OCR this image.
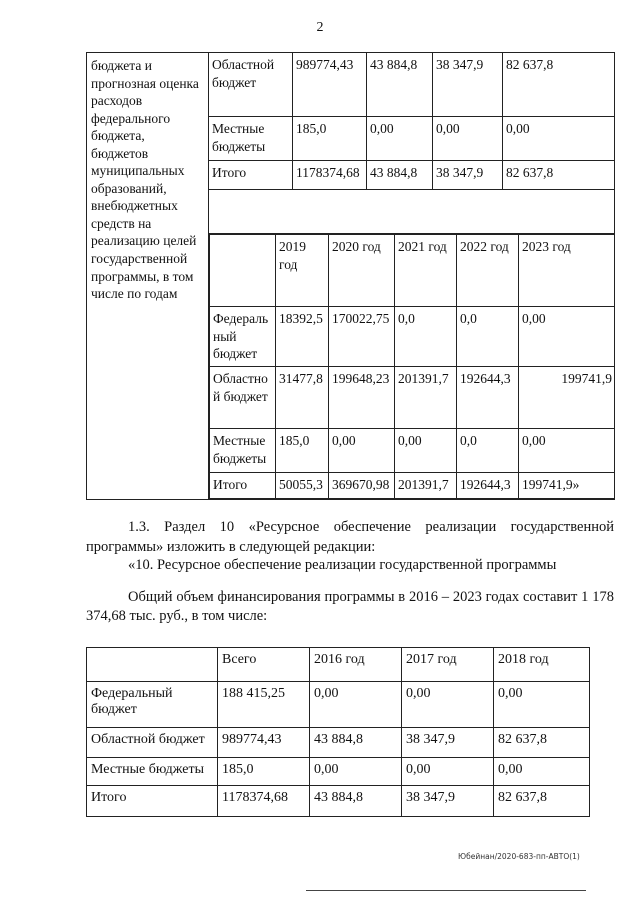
2
бюджета и прогнозная оценка расходов федерального бюджета, бюджетов муниципальных образований, внебюджетных средств на реализацию целей государственной программы, в том числе по годам	Областной бюджет	989774,43	43 884,8	38 347,9	82 637,8
Местные бюджеты	185,0	0,00	0,00	0,00
Итого	1178374,68	43 884,8	38 347,9	82 637,8

	2019 год	2020 год	2021 год	2022 год	2023 год
Федераль ный бюджет	18392,5	170022,75	0,0	0,0	0,00
Областно й бюджет	31477,8	199648,23	201391,7	192644,3	199741,9
Местные бюджеты	185,0	0,00	0,00	0,0	0,00
Итого	50055,3	369670,98	201391,7	192644,3	199741,9»
1.3. Раздел 10 «Ресурсное обеспечение реализации государственной программы» изложить в следующей редакции:
«10. Ресурсное обеспечение реализации государственной программы
Общий объем финансирования программы в 2016 – 2023 годах составит 1 178 374,68 тыс. руб., в том числе:
	Всего	2016 год	2017 год	2018 год
Федеральный бюджет	188 415,25	0,00	0,00	0,00
Областной бюджет	989774,43	43 884,8	38 347,9	82 637,8
Местные бюджеты	185,0	0,00	0,00	0,00
Итого	1178374,68	43 884,8	38 347,9	82 637,8
Юбейнан/2020-683-пп-АВТО(1)
